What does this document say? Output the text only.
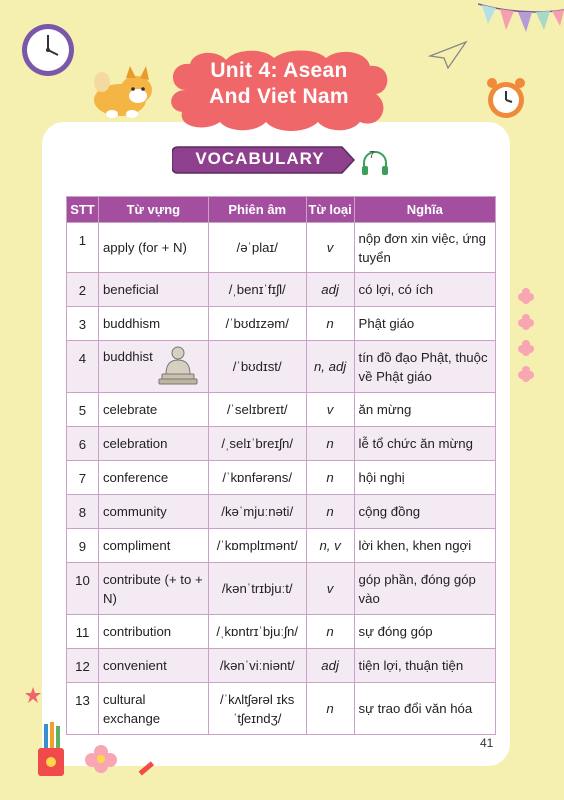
Unit 4: Asean
And Viet Nam
VOCABULARY	7
STT	Từ vựng	Phiên âm	Từ loại	Nghĩa
1	apply (for + N)	/əˈplaɪ/	v	nộp đơn xin việc, ứng tuyển
2	beneficial	/ˌbenɪˈfɪʃl/	adj	có lợi, có ích
3	buddhism	/ˈbʊdɪzəm/	n	Phật giáo
4	buddhist	/ˈbʊdɪst/	n, adj	tín đồ đạo Phật, thuộc về Phật giáo
5	celebrate	/ˈselɪbreɪt/	v	ăn mừng
6	celebration	/ˌselɪˈbreɪʃn/	n	lễ tổ chức ăn mừng
7	conference	/ˈkɒnfərəns/	n	hội nghị
8	community	/kəˈmjuːnəti/	n	cộng đồng
9	compliment	/ˈkɒmplɪmənt/	n, v	lời khen, khen ngợi
10	contribute (+ to + N)	/kənˈtrɪbjuːt/	v	góp phần, đóng góp vào
11	contribution	/ˌkɒntrɪˈbjuːʃn/	n	sự đóng góp
12	convenient	/kənˈviːniənt/	adj	tiện lợi, thuận tiện
13	cultural exchange	/ˈkʌltʃərəl ɪksˈtʃeɪndʒ/	n	sự trao đổi văn hóa
41
